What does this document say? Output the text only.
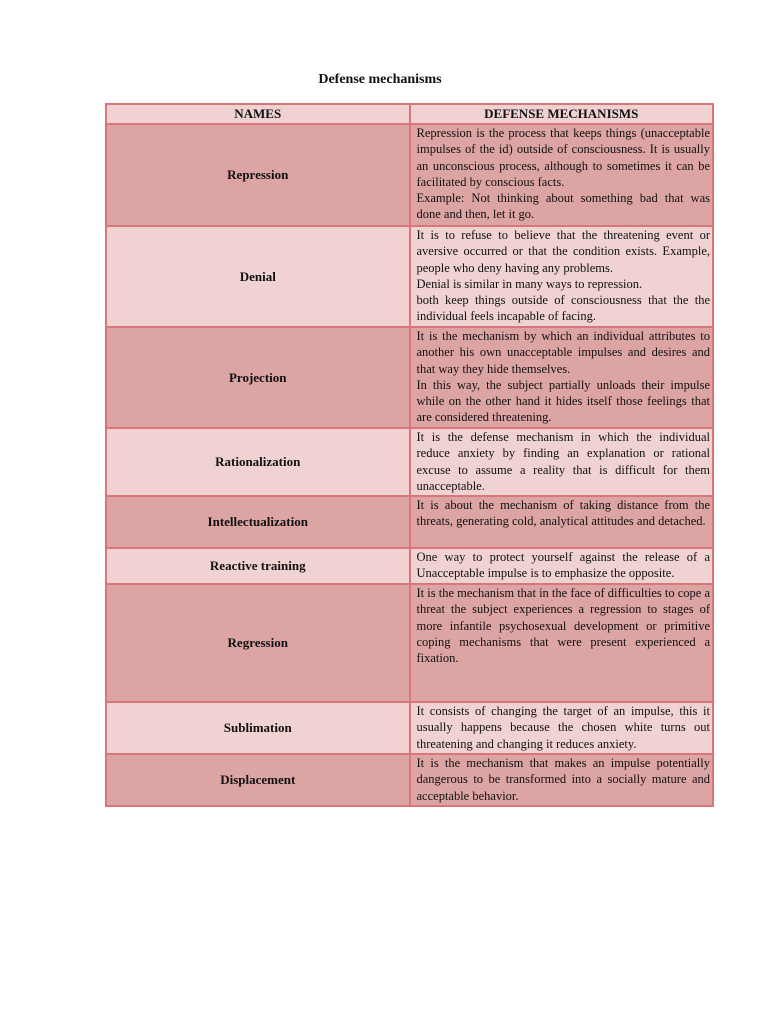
Defense mechanisms
NAMES	DEFENSE MECHANISMS
Repression	Repression is the process that keeps things (unacceptable impulses of the id) outside of consciousness. It is usually an unconscious process, although to sometimes it can be facilitated by conscious facts.
Example: Not thinking about something bad that was done and then, let it go.
Denial	It is to refuse to believe that the threatening event or aversive occurred or that the condition exists. Example, people who deny having any problems.
Denial is similar in many ways to repression.
both keep things outside of consciousness that the the individual feels incapable of facing.
Projection	It is the mechanism by which an individual attributes to another his own unacceptable impulses and desires and that way they hide themselves.
In this way, the subject partially unloads their impulse while on the other hand it hides itself those feelings that are considered threatening.
Rationalization	It is the defense mechanism in which the individual reduce anxiety by finding an explanation or rational excuse to assume a reality that is difficult for them unacceptable.
Intellectualization	It is about the mechanism of taking distance from the threats, generating cold, analytical attitudes and detached.
Reactive training	One way to protect yourself against the release of a Unacceptable impulse is to emphasize the opposite.
Regression	It is the mechanism that in the face of difficulties to cope a threat the subject experiences a regression to stages of more infantile psychosexual development or primitive coping mechanisms that were present experienced a fixation.
Sublimation	It consists of changing the target of an impulse, this it usually happens because the chosen white turns out threatening and changing it reduces anxiety.
Displacement	It is the mechanism that makes an impulse potentially dangerous to be transformed into a socially mature and acceptable behavior.
